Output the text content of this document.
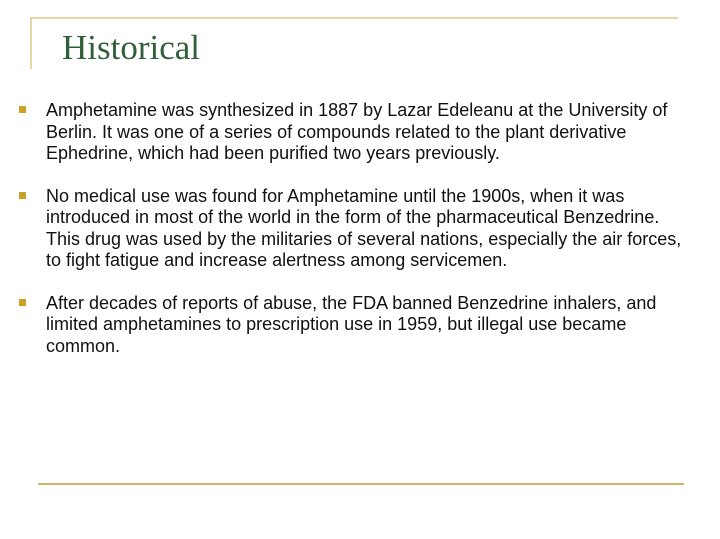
Historical
Amphetamine was synthesized in 1887 by Lazar Edeleanu at the University of Berlin. It was one of a series of compounds related to the plant derivative Ephedrine, which had been purified two years previously.
No medical use was found for Amphetamine until the 1900s, when it was introduced in most of the world in the form of the pharmaceutical Benzedrine. This drug was used by the militaries of several nations, especially the air forces, to fight fatigue and increase alertness among servicemen.
After decades of reports of abuse, the FDA banned Benzedrine inhalers, and limited amphetamines to prescription use in 1959, but illegal use became common.
